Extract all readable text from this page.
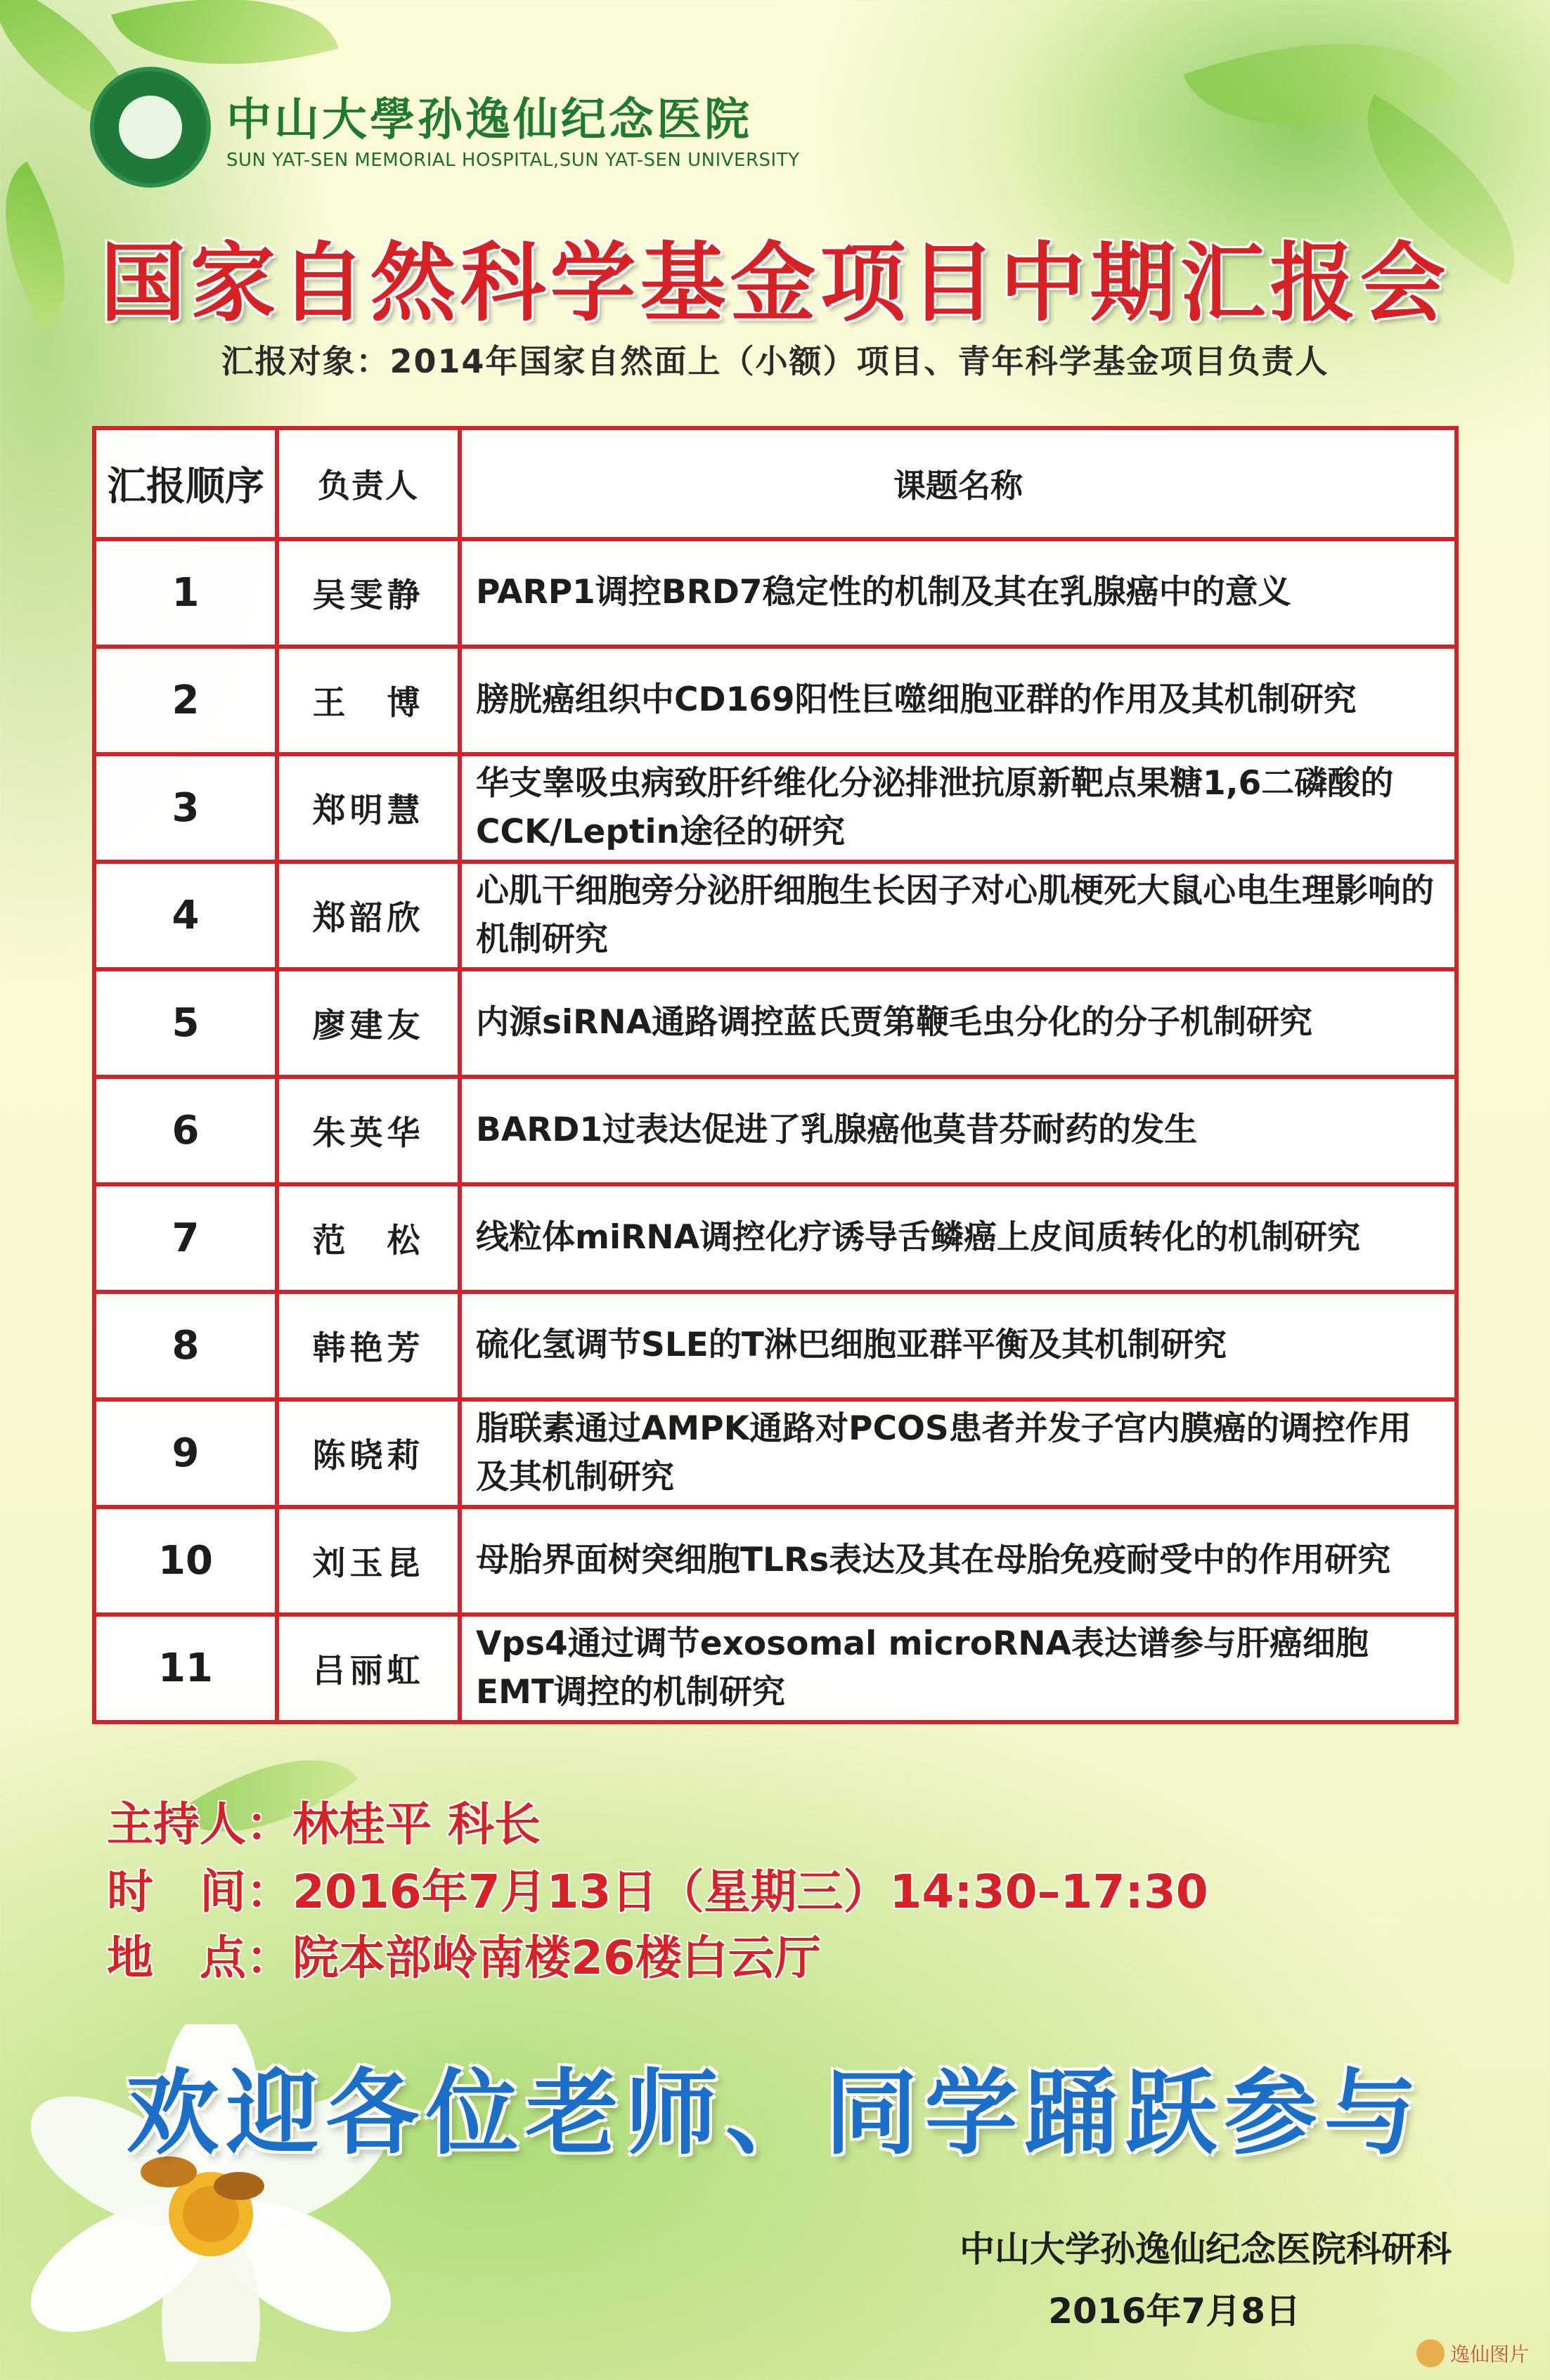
中山大學孙逸仙纪念医院
SUN YAT-SEN MEMORIAL HOSPITAL,SUN YAT-SEN UNIVERSITY
国家自然科学基金项目中期汇报会
汇报对象：2014年国家自然面上（小额）项目、青年科学基金项目负责人
汇报顺序	负责人	课题名称
1	吴雯静	PARP1调控BRD7稳定性的机制及其在乳腺癌中的意义
2	王　博	膀胱癌组织中CD169阳性巨噬细胞亚群的作用及其机制研究
3	郑明慧	华支睾吸虫病致肝纤维化分泌排泄抗原新靶点果糖1,6二磷酸的CCK/Leptin途径的研究
4	郑韶欣	心肌干细胞旁分泌肝细胞生长因子对心肌梗死大鼠心电生理影响的机制研究
5	廖建友	内源siRNA通路调控蓝氏贾第鞭毛虫分化的分子机制研究
6	朱英华	BARD1过表达促进了乳腺癌他莫昔芬耐药的发生
7	范　松	线粒体miRNA调控化疗诱导舌鳞癌上皮间质转化的机制研究
8	韩艳芳	硫化氢调节SLE的T淋巴细胞亚群平衡及其机制研究
9	陈晓莉	脂联素通过AMPK通路对PCOS患者并发子宫内膜癌的调控作用及其机制研究
10	刘玉昆	母胎界面树突细胞TLRs表达及其在母胎免疫耐受中的作用研究
11	吕丽虹	Vps4通过调节exosomal microRNA表达谱参与肝癌细胞EMT调控的机制研究
主持人：林桂平 科长
时　间：2016年7月13日（星期三）14:30–17:30
地　点：院本部岭南楼26楼白云厅
欢迎各位老师、同学踊跃参与
中山大学孙逸仙纪念医院科研科
2016年7月8日
逸仙图片
